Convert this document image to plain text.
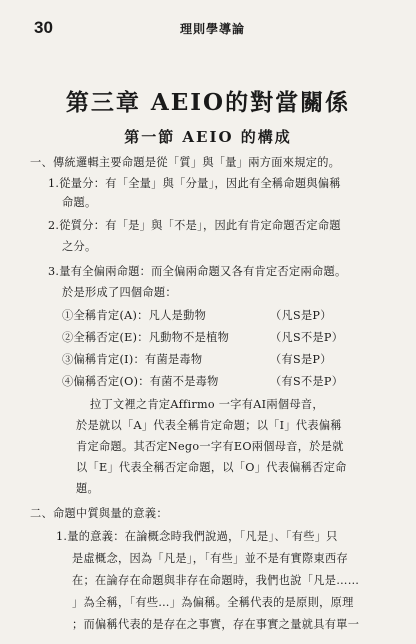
30	理則學導論
第三章 AEIO的對當關係
第一節 AEIO 的構成
一、傳統邏輯主要命題是從「質」與「量」兩方面來規定的。
1.從量分：有「全量」與「分量」，因此有全稱命題與偏稱
命題。
2.從質分：有「是」與「不是」，因此有肯定命題否定命題
之分。
3.量有全偏兩命題：而全偏兩命題又各有肯定否定兩命題。
於是形成了四個命題：
①全稱肯定(A)：凡人是動物	（凡S是P）
②全稱否定(E)：凡動物不是植物	（凡S不是P）
③偏稱肯定(I)：有菌是毒物	（有S是P）
④偏稱否定(O)：有菌不是毒物	（有S不是P）
拉丁文裡之肯定Affirmo 一字有AI兩個母音，
於是就以「A」代表全稱肯定命題；以「I」代表偏稱
肯定命題。其否定Nego一字有EO兩個母音，於是就
以「E」代表全稱否定命題，以「O」代表偏稱否定命
題。
二、命題中質與量的意義：
1.量的意義：在論概念時我們說過，「凡是」、「有些」只
是虛概念，因為「凡是」，「有些」並不是有實際東西存
在；在論存在命題與非存在命題時，我們也說「凡是……
」為全稱，「有些…」為偏稱。全稱代表的是原則，原理
；而偏稱代表的是存在之事實，存在事實之量就具有單一
